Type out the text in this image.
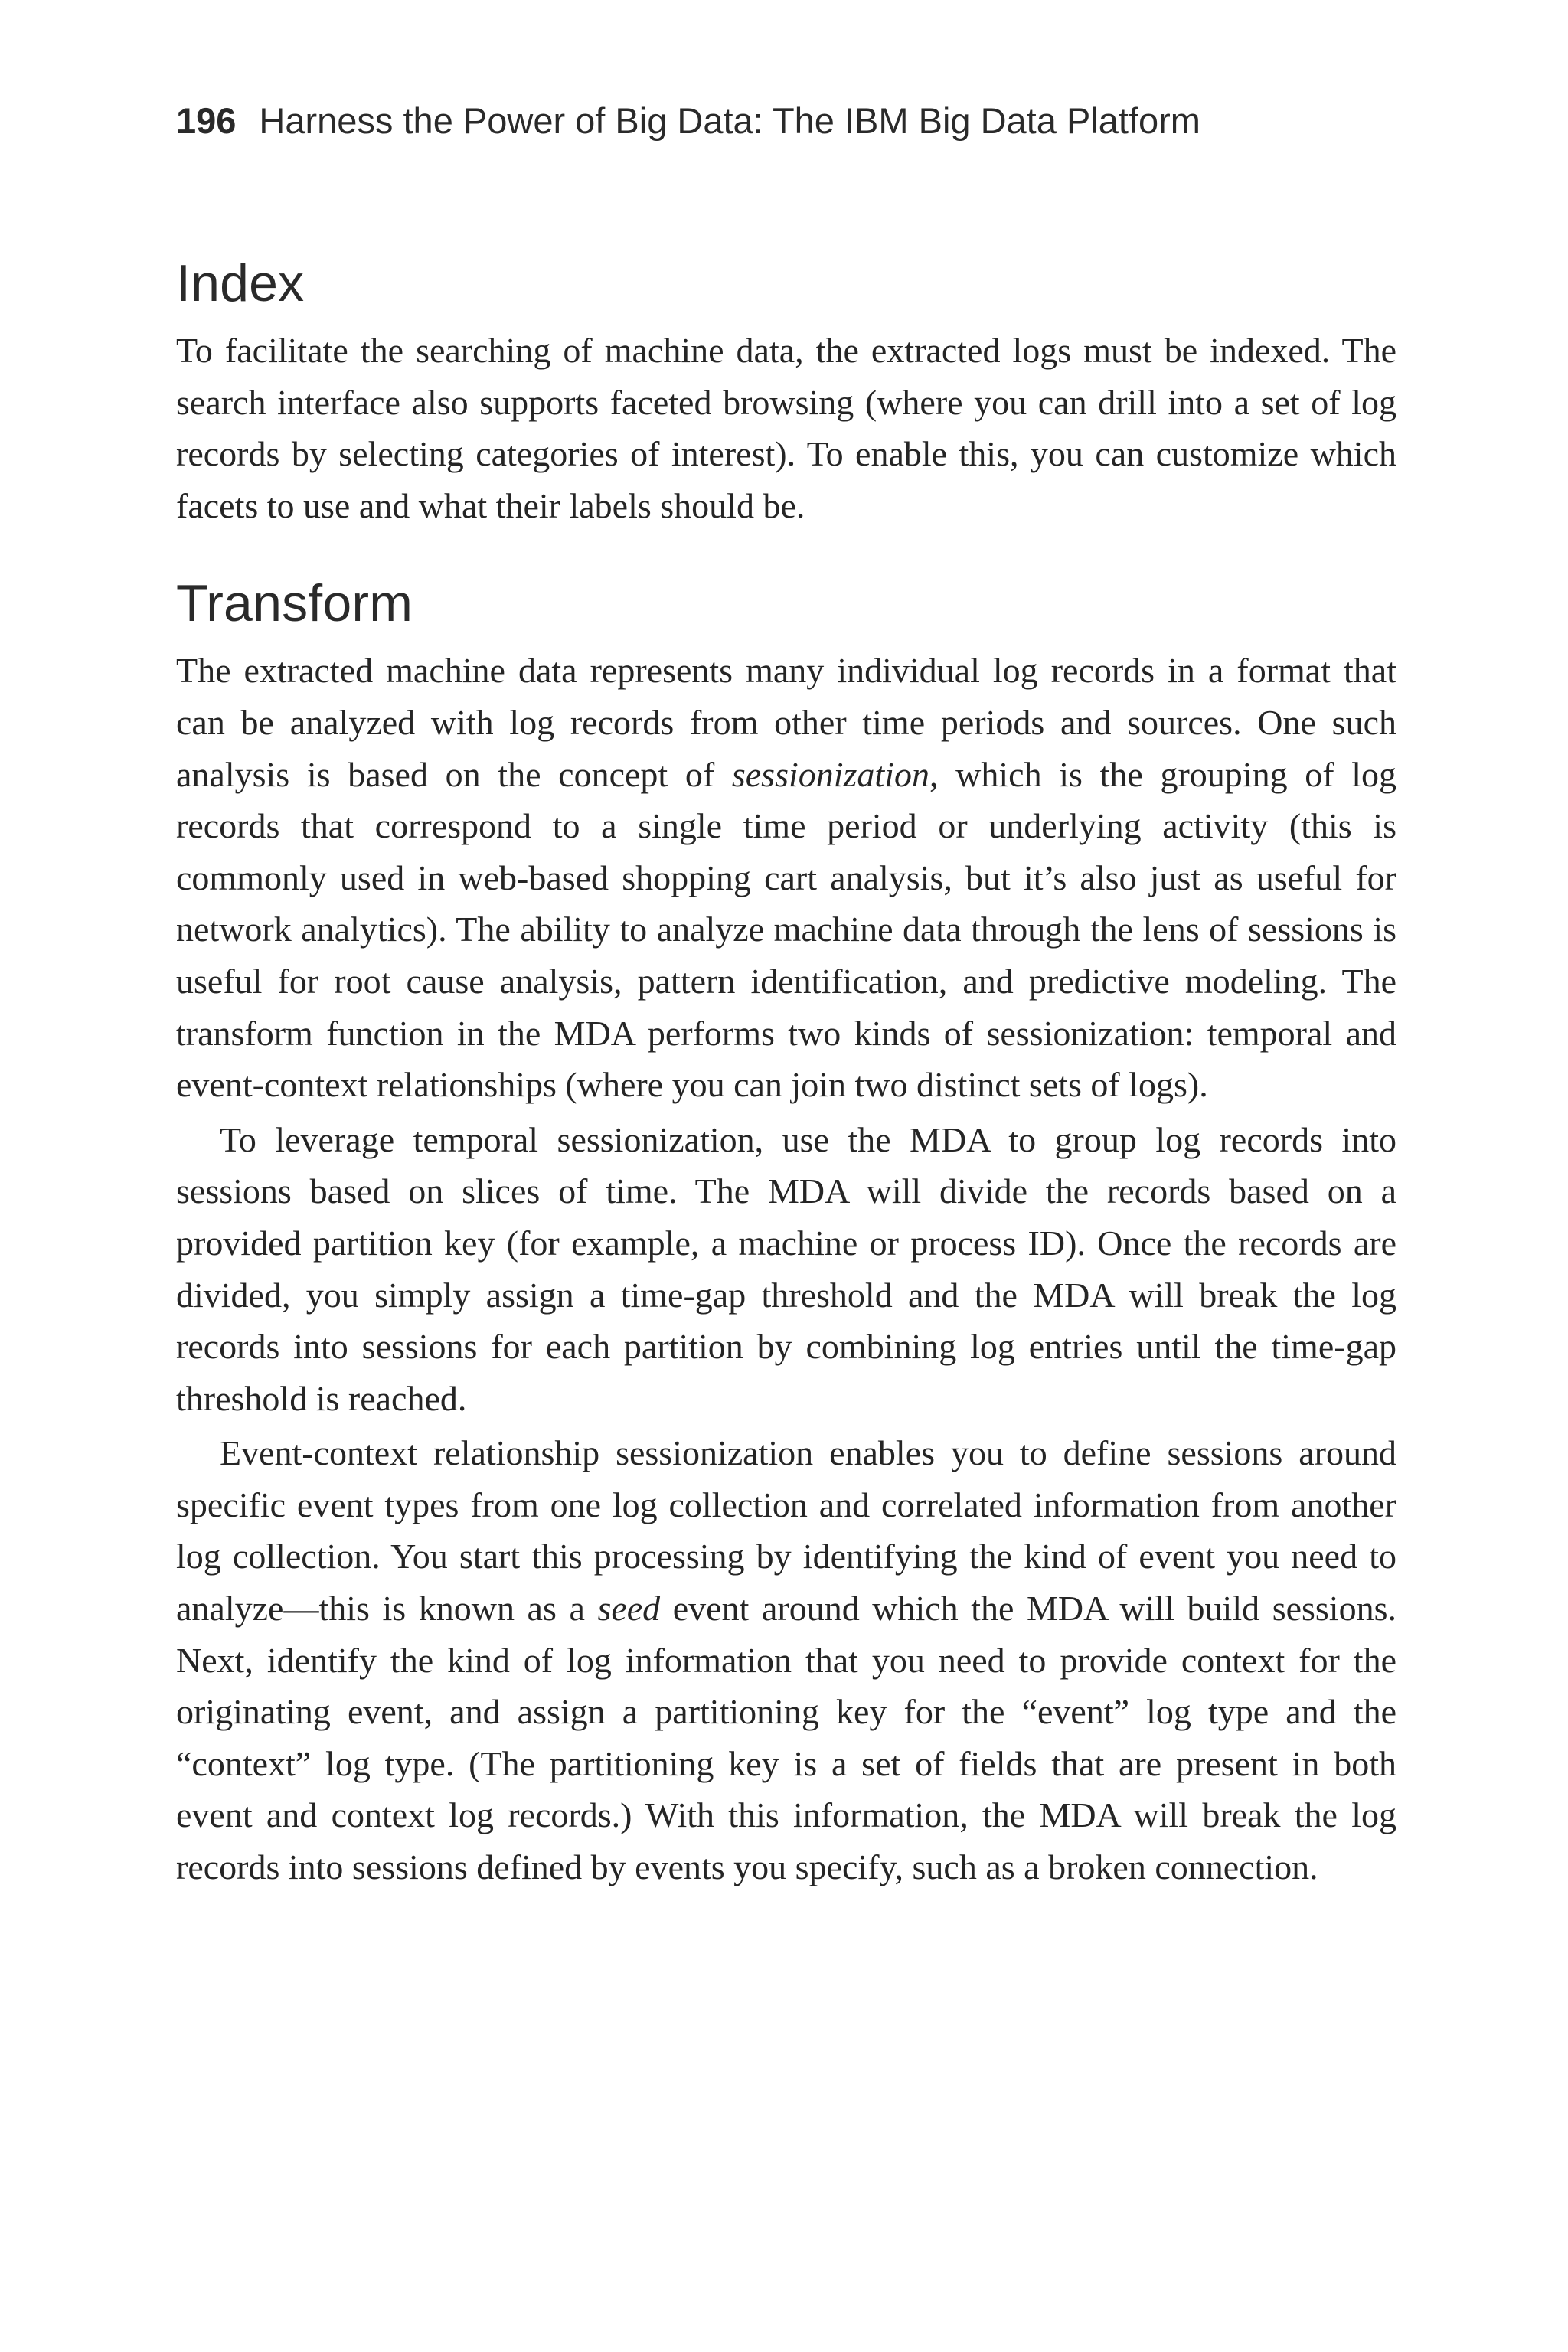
196 Harness the Power of Big Data: The IBM Big Data Platform
Index

To facilitate the searching of machine data, the extracted logs must be indexed. The search interface also supports faceted browsing (where you can drill into a set of log records by selecting categories of interest). To enable this, you can customize which facets to use and what their labels should be.

Transform

The extracted machine data represents many individual log records in a format that can be analyzed with log records from other time periods and sources. One such analysis is based on the concept of sessionization, which is the grouping of log records that correspond to a single time period or underlying activity (this is commonly used in web-based shopping cart analysis, but it’s also just as useful for network analytics). The ability to analyze machine data through the lens of sessions is useful for root cause analysis, pattern identification, and predictive modeling. The transform function in the MDA performs two kinds of sessionization: temporal and event-context relationships (where you can join two distinct sets of logs).

To leverage temporal sessionization, use the MDA to group log records into sessions based on slices of time. The MDA will divide the records based on a provided partition key (for example, a machine or process ID). Once the records are divided, you simply assign a time-gap threshold and the MDA will break the log records into sessions for each partition by combining log entries until the time-gap threshold is reached.

Event-context relationship sessionization enables you to define sessions around specific event types from one log collection and correlated information from another log collection. You start this processing by identifying the kind of event you need to analyze—this is known as a seed event around which the MDA will build sessions. Next, identify the kind of log information that you need to provide context for the originating event, and assign a partitioning key for the “event” log type and the “context” log type. (The partitioning key is a set of fields that are present in both event and context log records.) With this information, the MDA will break the log records into sessions defined by events you specify, such as a broken connection.
